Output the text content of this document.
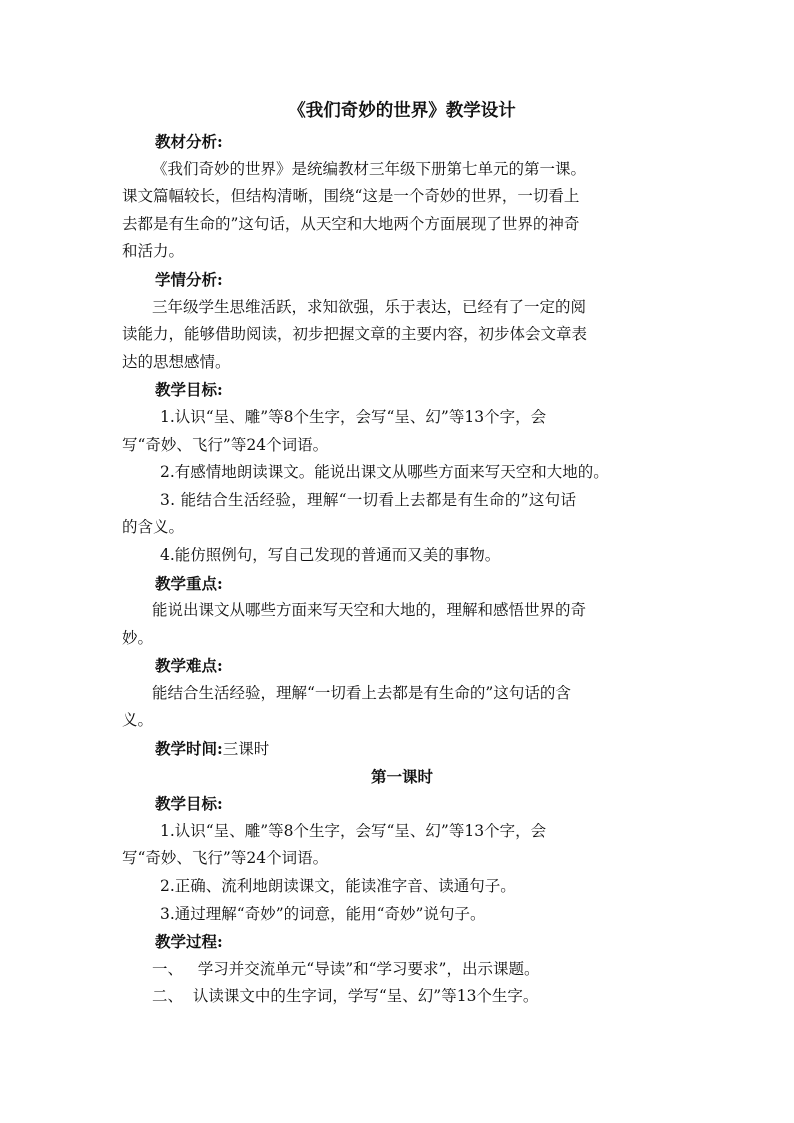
《我们奇妙的世界》教学设计
教材分析:
《我们奇妙的世界》是统编教材三年级下册第七单元的第一课。
课文篇幅较长，但结构清晰，围绕“这是一个奇妙的世界，一切看上
去都是有生命的”这句话，从天空和大地两个方面展现了世界的神奇
和活力。
学情分析:
三年级学生思维活跃，求知欲强，乐于表达，已经有了一定的阅
读能力，能够借助阅读，初步把握文章的主要内容，初步体会文章表
达的思想感情。
教学目标:
1.认识“呈、雕”等8个生字，会写“呈、幻”等13个字，会
写“奇妙、飞行”等24个词语。
2.有感情地朗读课文。能说出课文从哪些方面来写天空和大地的。
3. 能结合生活经验，理解“一切看上去都是有生命的”这句话
的含义。
4.能仿照例句，写自己发现的普通而又美的事物。
教学重点:
能说出课文从哪些方面来写天空和大地的，理解和感悟世界的奇
妙。
教学难点:
能结合生活经验，理解“一切看上去都是有生命的”这句话的含
义。
教学时间:三课时
第一课时
教学目标:
1.认识“呈、雕”等8个生字，会写“呈、幻”等13个字，会
写“奇妙、飞行”等24个词语。
2.正确、流利地朗读课文，能读准字音、读通句子。
3.通过理解“奇妙”的词意，能用“奇妙”说句子。
教学过程:
一、   学习并交流单元“导读”和“学习要求”，出示课题。
二、  认读课文中的生字词，学写“呈、幻”等13个生字。
